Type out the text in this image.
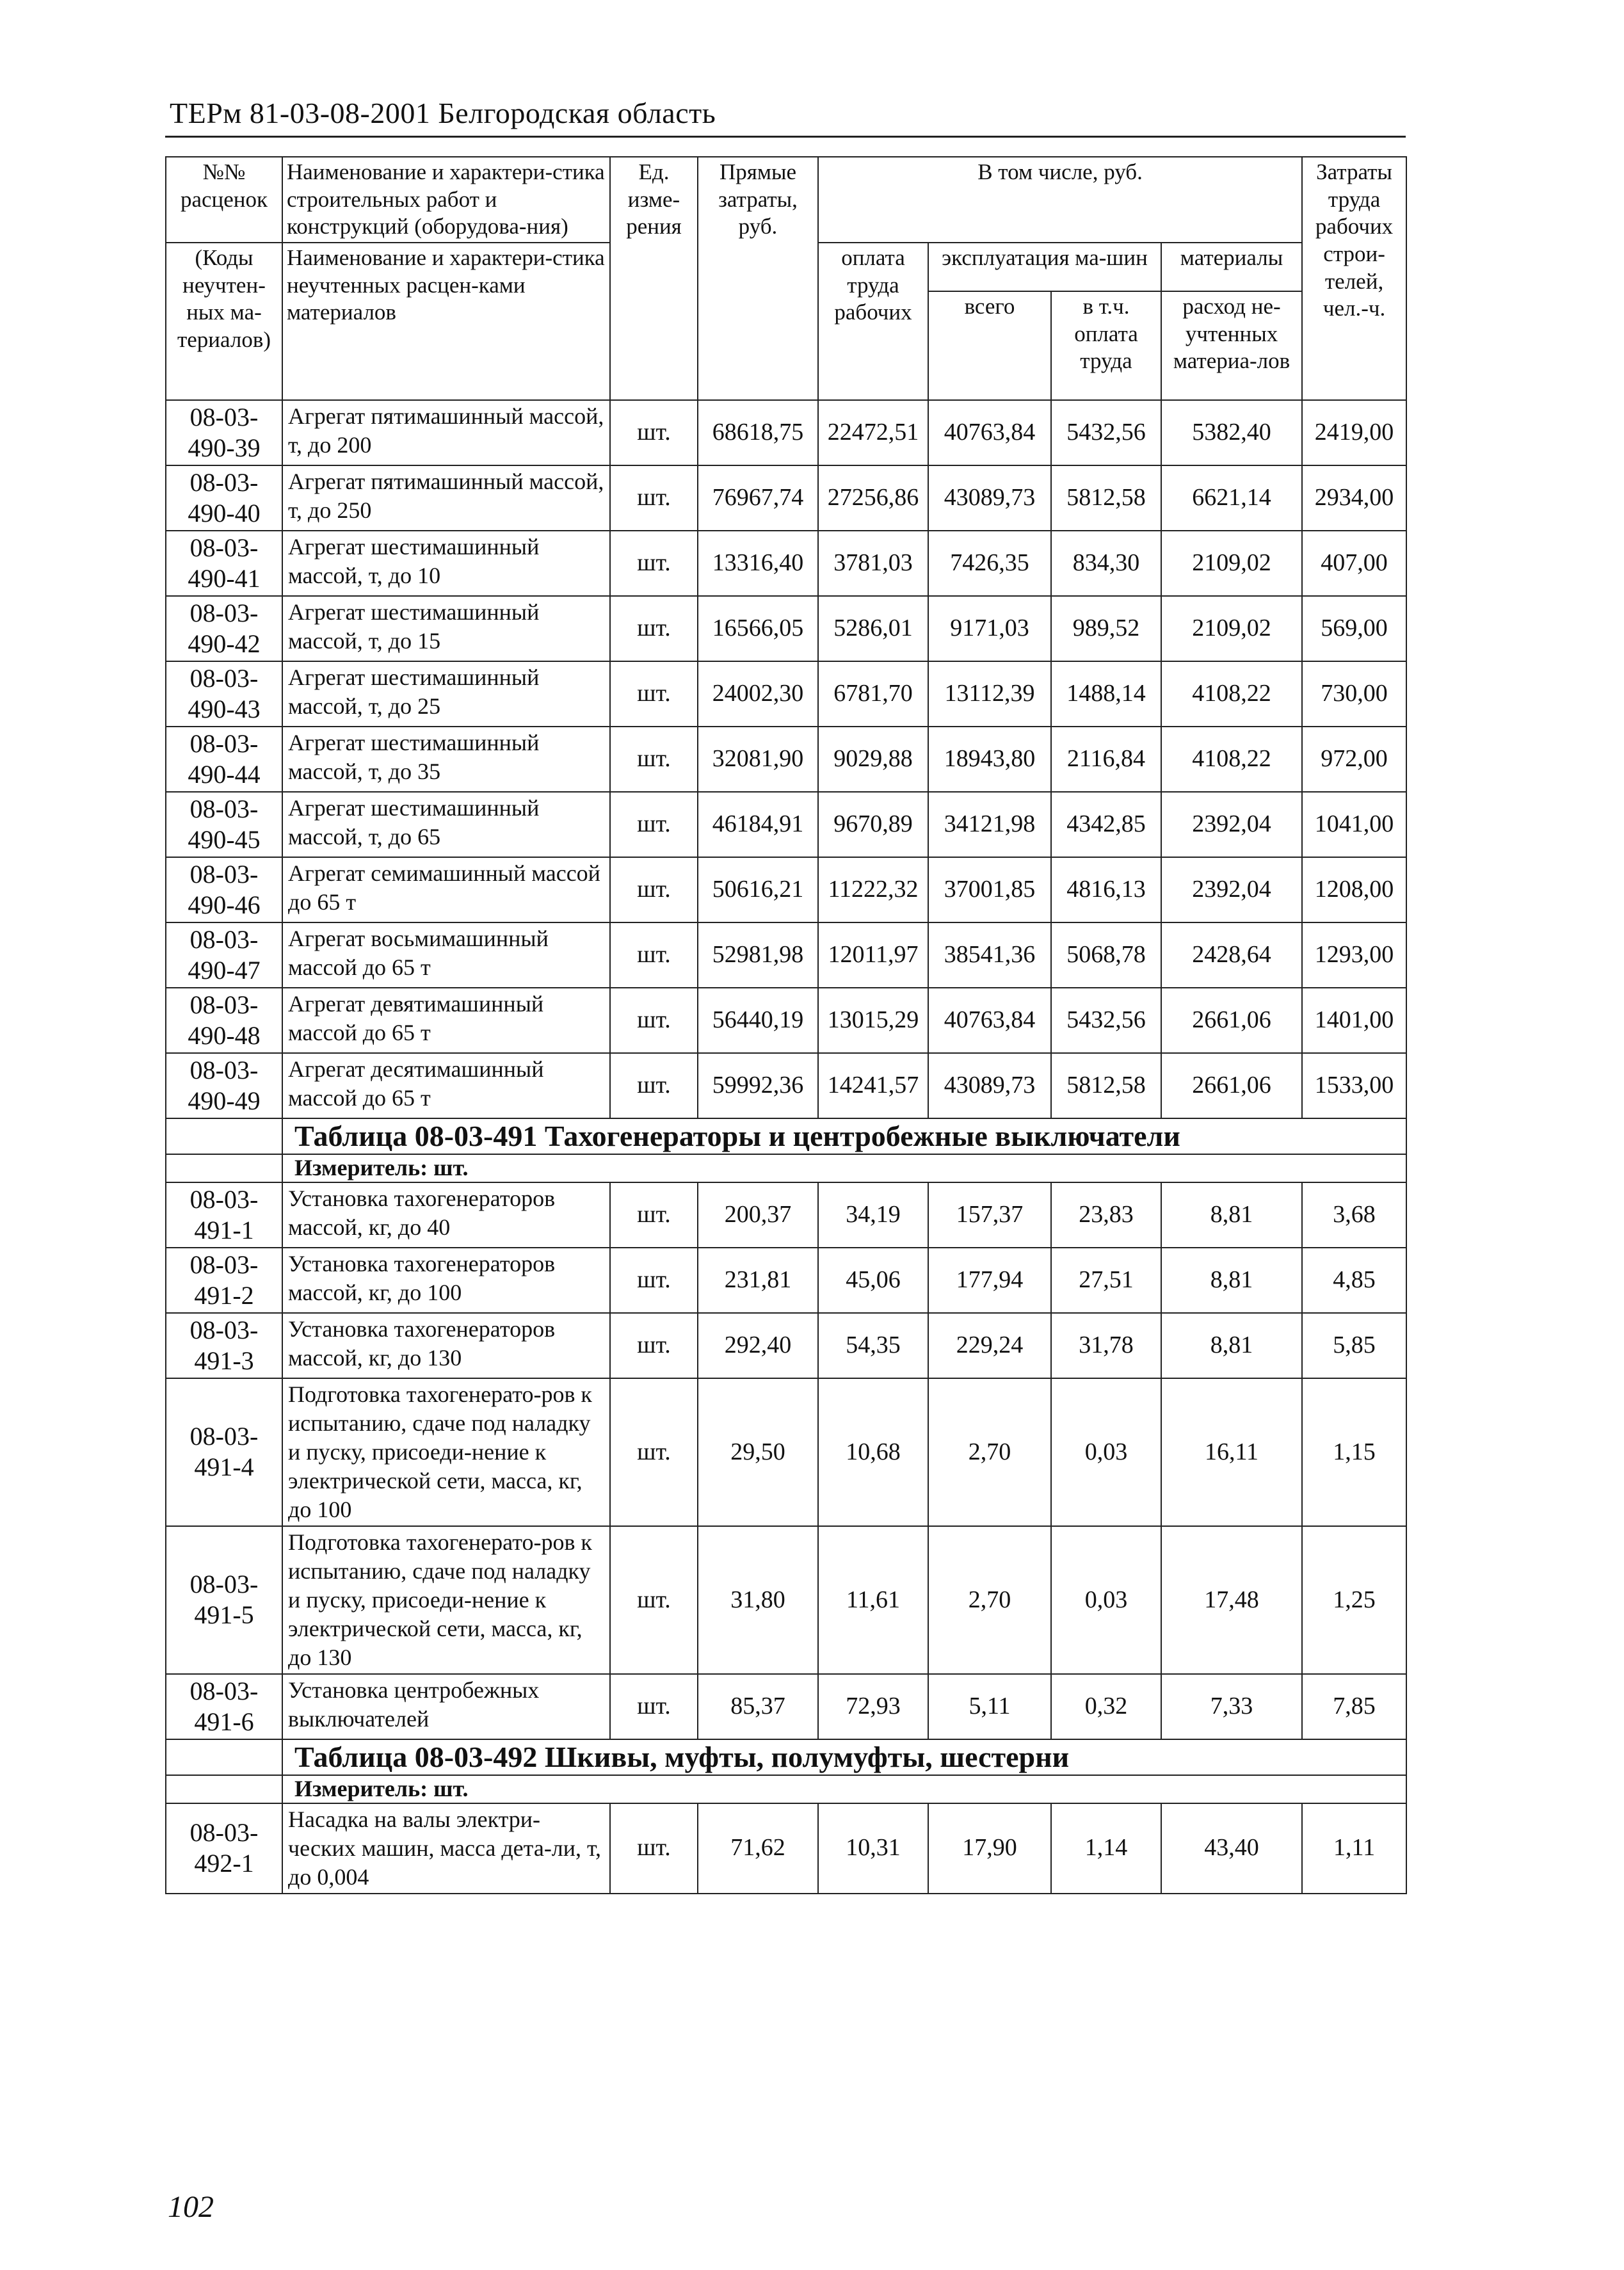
ТЕРм 81-03-08-2001 Белгородская область
№№ расценок	Наименование и характери-стика строительных работ и конструкций (оборудова-ния)	Ед. изме-рения	Прямые затраты, руб.	В том числе, руб.				Затраты труда рабочих строи-телей, чел.-ч.
(Коды неучтен-ных ма-териалов)	Наименование и характери-стика неучтенных расцен-ками материалов			оплата труда рабочих	эксплуатация ма-шин		материалы	
					всего	в т.ч. оплата труда	расход не-учтенных материа-лов	
08-03-490-39	Агрегат пятимашинный массой, т, до 200	шт.	68618,75	22472,51	40763,84	5432,56	5382,40	2419,00
08-03-490-40	Агрегат пятимашинный массой, т, до 250	шт.	76967,74	27256,86	43089,73	5812,58	6621,14	2934,00
08-03-490-41	Агрегат шестимашинный массой, т, до 10	шт.	13316,40	3781,03	7426,35	834,30	2109,02	407,00
08-03-490-42	Агрегат шестимашинный массой, т, до 15	шт.	16566,05	5286,01	9171,03	989,52	2109,02	569,00
08-03-490-43	Агрегат шестимашинный массой, т, до 25	шт.	24002,30	6781,70	13112,39	1488,14	4108,22	730,00
08-03-490-44	Агрегат шестимашинный массой, т, до 35	шт.	32081,90	9029,88	18943,80	2116,84	4108,22	972,00
08-03-490-45	Агрегат шестимашинный массой, т, до 65	шт.	46184,91	9670,89	34121,98	4342,85	2392,04	1041,00
08-03-490-46	Агрегат семимашинный массой до 65 т	шт.	50616,21	11222,32	37001,85	4816,13	2392,04	1208,00
08-03-490-47	Агрегат восьмимашинный массой до 65 т	шт.	52981,98	12011,97	38541,36	5068,78	2428,64	1293,00
08-03-490-48	Агрегат девятимашинный массой до 65 т	шт.	56440,19	13015,29	40763,84	5432,56	2661,06	1401,00
08-03-490-49	Агрегат десятимашинный массой до 65 т	шт.	59992,36	14241,57	43089,73	5812,58	2661,06	1533,00
	Таблица 08-03-491 Тахогенераторы и центробежные выключатели							
	Измеритель: шт.							
08-03-491-1	Установка тахогенераторов массой, кг, до 40	шт.	200,37	34,19	157,37	23,83	8,81	3,68
08-03-491-2	Установка тахогенераторов массой, кг, до 100	шт.	231,81	45,06	177,94	27,51	8,81	4,85
08-03-491-3	Установка тахогенераторов массой, кг, до 130	шт.	292,40	54,35	229,24	31,78	8,81	5,85
08-03-491-4	Подготовка тахогенерато-ров к испытанию, сдаче под наладку и пуску, присоеди-нение к электрической сети, масса, кг, до 100	шт.	29,50	10,68	2,70	0,03	16,11	1,15
08-03-491-5	Подготовка тахогенерато-ров к испытанию, сдаче под наладку и пуску, присоеди-нение к электрической сети, масса, кг, до 130	шт.	31,80	11,61	2,70	0,03	17,48	1,25
08-03-491-6	Установка центробежных выключателей	шт.	85,37	72,93	5,11	0,32	7,33	7,85
	Таблица 08-03-492 Шкивы, муфты, полумуфты, шестерни							
	Измеритель: шт.							
08-03-492-1	Насадка на валы электри-ческих машин, масса дета-ли, т, до 0,004	шт.	71,62	10,31	17,90	1,14	43,40	1,11
102
